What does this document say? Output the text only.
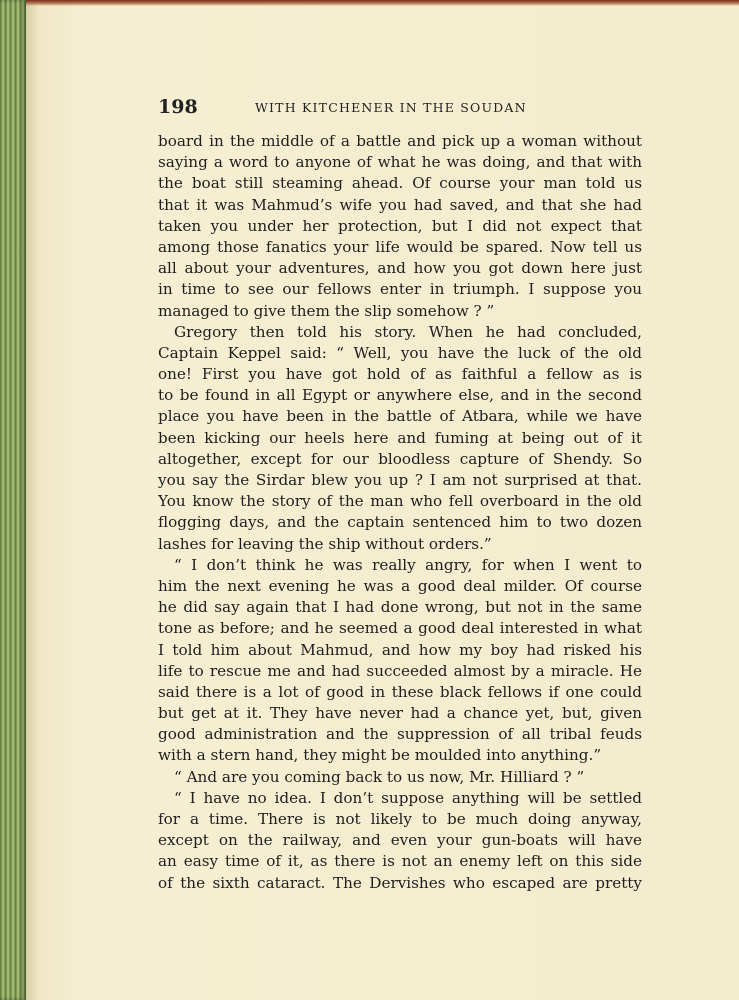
198	WITH KITCHENER IN THE SOUDAN
board in the middle of a battle and pick up a woman without
saying a word to anyone of what he was doing, and that with
the boat still steaming ahead. Of course your man told us
that it was Mahmud’s wife you had saved, and that she had
taken you under her protection, but I did not expect that
among those fanatics your life would be spared. Now tell us
all about your adventures, and how you got down here just
in time to see our fellows enter in triumph. I suppose you
managed to give them the slip somehow ? ”
Gregory then told his story. When he had concluded,
Captain Keppel said: “ Well, you have the luck of the old
one! First you have got hold of as faithful a fellow as is
to be found in all Egypt or anywhere else, and in the second
place you have been in the battle of Atbara, while we have
been kicking our heels here and fuming at being out of it
altogether, except for our bloodless capture of Shendy. So
you say the Sirdar blew you up ? I am not surprised at that.
You know the story of the man who fell overboard in the old
flogging days, and the captain sentenced him to two dozen
lashes for leaving the ship without orders.”
“ I don’t think he was really angry, for when I went to
him the next evening he was a good deal milder. Of course
he did say again that I had done wrong, but not in the same
tone as before; and he seemed a good deal interested in what
I told him about Mahmud, and how my boy had risked his
life to rescue me and had succeeded almost by a miracle. He
said there is a lot of good in these black fellows if one could
but get at it. They have never had a chance yet, but, given
good administration and the suppression of all tribal feuds
with a stern hand, they might be moulded into anything.”
“ And are you coming back to us now, Mr. Hilliard ? ”
“ I have no idea. I don’t suppose anything will be settled
for a time. There is not likely to be much doing anyway,
except on the railway, and even your gun-boats will have
an easy time of it, as there is not an enemy left on this side
of the sixth cataract. The Dervishes who escaped are pretty
